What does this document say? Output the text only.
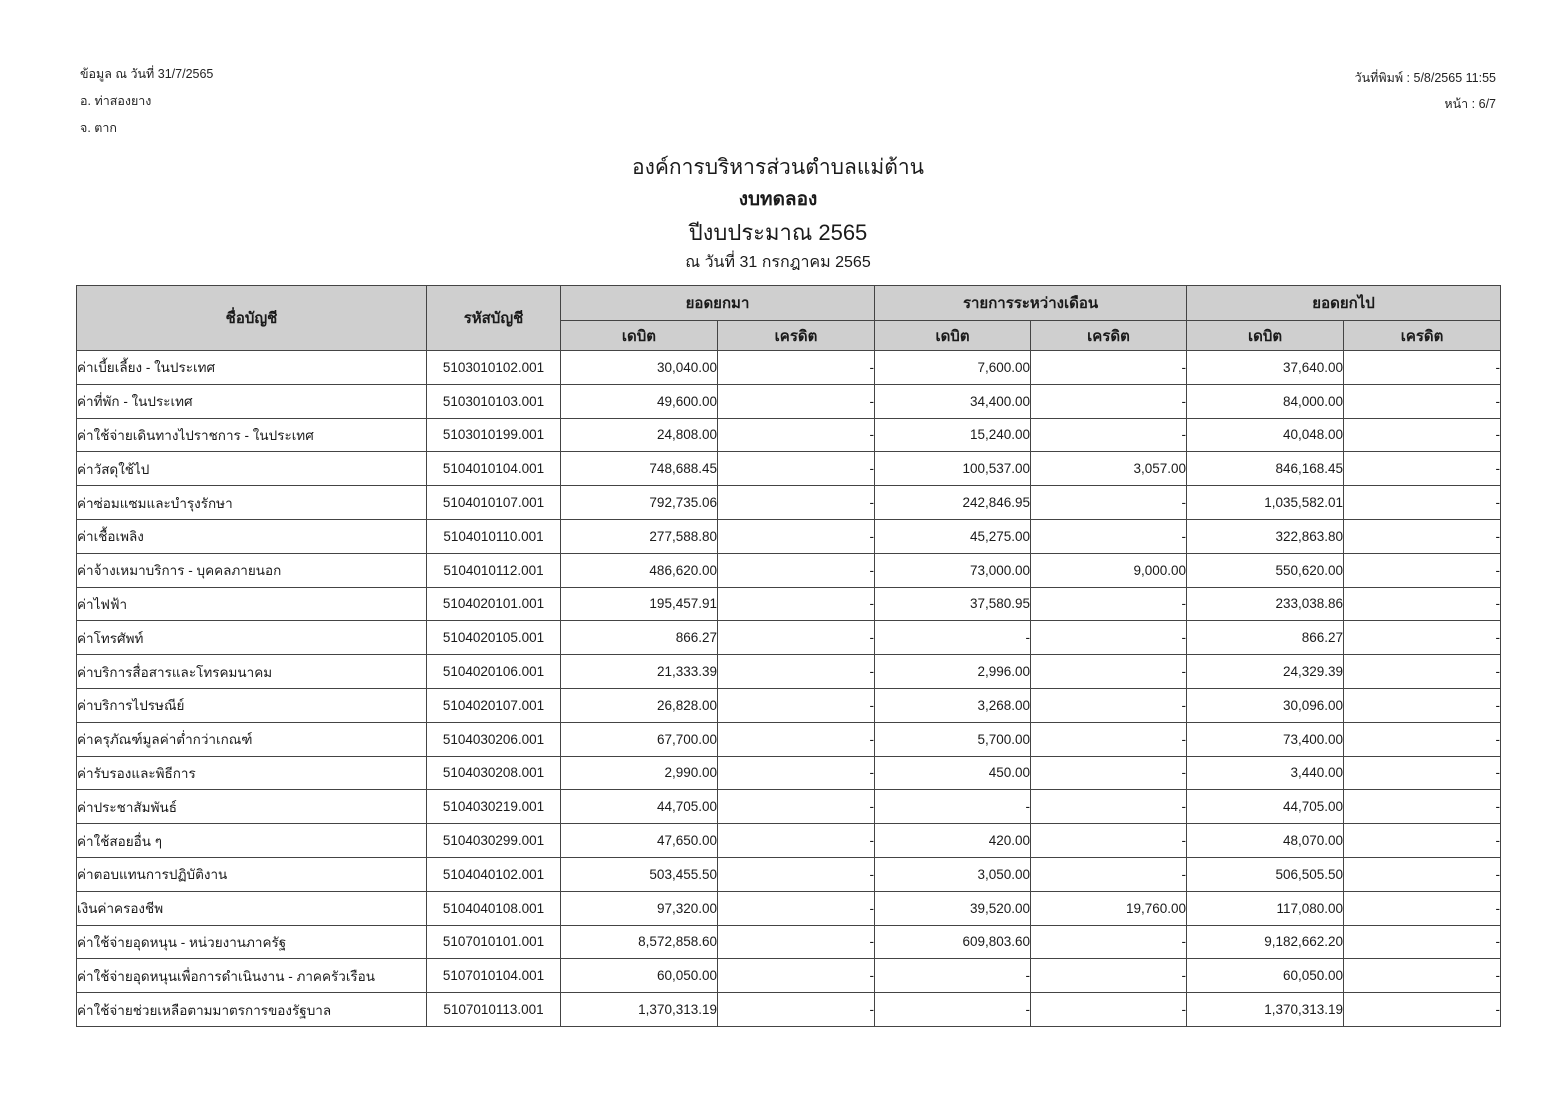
ข้อมูล ณ วันที่ 31/7/2565
อ. ท่าสองยาง
จ. ตาก
วันที่พิมพ์ : 5/8/2565 11:55
หน้า : 6/7
องค์การบริหารส่วนตำบลแม่ต้าน
งบทดลอง
ปีงบประมาณ 2565
ณ วันที่ 31 กรกฎาคม 2565
ชื่อบัญชี	รหัสบัญชี	ยอดยกมา		รายการระหว่างเดือน		ยอดยกไป	
		เดบิต	เครดิต	เดบิต	เครดิต	เดบิต	เครดิต
ค่าเบี้ยเลี้ยง - ในประเทศ	5103010102.001	30,040.00	-	7,600.00	-	37,640.00	-
ค่าที่พัก - ในประเทศ	5103010103.001	49,600.00	-	34,400.00	-	84,000.00	-
ค่าใช้จ่ายเดินทางไปราชการ - ในประเทศ	5103010199.001	24,808.00	-	15,240.00	-	40,048.00	-
ค่าวัสดุใช้ไป	5104010104.001	748,688.45	-	100,537.00	3,057.00	846,168.45	-
ค่าซ่อมแซมและบำรุงรักษา	5104010107.001	792,735.06	-	242,846.95	-	1,035,582.01	-
ค่าเชื้อเพลิง	5104010110.001	277,588.80	-	45,275.00	-	322,863.80	-
ค่าจ้างเหมาบริการ - บุคคลภายนอก	5104010112.001	486,620.00	-	73,000.00	9,000.00	550,620.00	-
ค่าไฟฟ้า	5104020101.001	195,457.91	-	37,580.95	-	233,038.86	-
ค่าโทรศัพท์	5104020105.001	866.27	-	-	-	866.27	-
ค่าบริการสื่อสารและโทรคมนาคม	5104020106.001	21,333.39	-	2,996.00	-	24,329.39	-
ค่าบริการไปรษณีย์	5104020107.001	26,828.00	-	3,268.00	-	30,096.00	-
ค่าครุภัณฑ์มูลค่าต่ำกว่าเกณฑ์	5104030206.001	67,700.00	-	5,700.00	-	73,400.00	-
ค่ารับรองและพิธีการ	5104030208.001	2,990.00	-	450.00	-	3,440.00	-
ค่าประชาสัมพันธ์	5104030219.001	44,705.00	-	-	-	44,705.00	-
ค่าใช้สอยอื่น ๆ	5104030299.001	47,650.00	-	420.00	-	48,070.00	-
ค่าตอบแทนการปฏิบัติงาน	5104040102.001	503,455.50	-	3,050.00	-	506,505.50	-
เงินค่าครองชีพ	5104040108.001	97,320.00	-	39,520.00	19,760.00	117,080.00	-
ค่าใช้จ่ายอุดหนุน - หน่วยงานภาครัฐ	5107010101.001	8,572,858.60	-	609,803.60	-	9,182,662.20	-
ค่าใช้จ่ายอุดหนุนเพื่อการดำเนินงาน - ภาคครัวเรือน	5107010104.001	60,050.00	-	-	-	60,050.00	-
ค่าใช้จ่ายช่วยเหลือตามมาตรการของรัฐบาล	5107010113.001	1,370,313.19	-	-	-	1,370,313.19	-
